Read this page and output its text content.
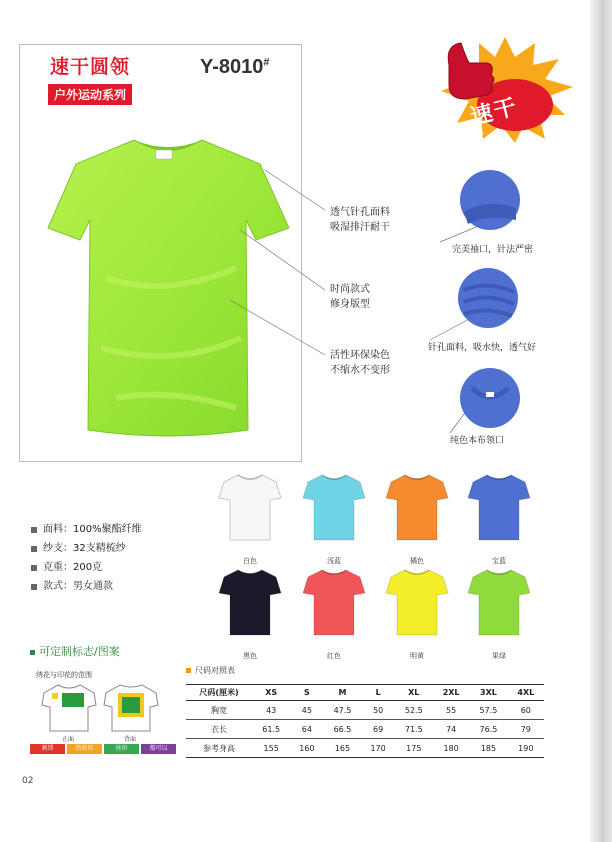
速干圆领	Y-8010#
户外运动系列
透气针孔面料
吸湿排汗耐干
时尚款式
修身版型
活性环保染色
不缩水不变形
速干
完美袖口，针法严密
针孔面料，吸水快，透气好
纯色本布领口
白色	浅蓝	橘色	宝蓝
黑色	红色	明黄	果绿
面料：100%聚酯纤维
纱支：32支精梳纱
克重：200克
款式：男女通款
可定制标志/图案
绣花与印花的范围
正面	背面
刺绣	热转印	丝印	都可以
尺码对照表
尺码(厘米)	XS	S	M	L	XL	2XL	3XL	4XL
胸宽	43	45	47.5	50	52.5	55	57.5	60
衣长	61.5	64	66.5	69	71.5	74	76.5	79
参考身高	155	160	165	170	175	180	185	190
02
